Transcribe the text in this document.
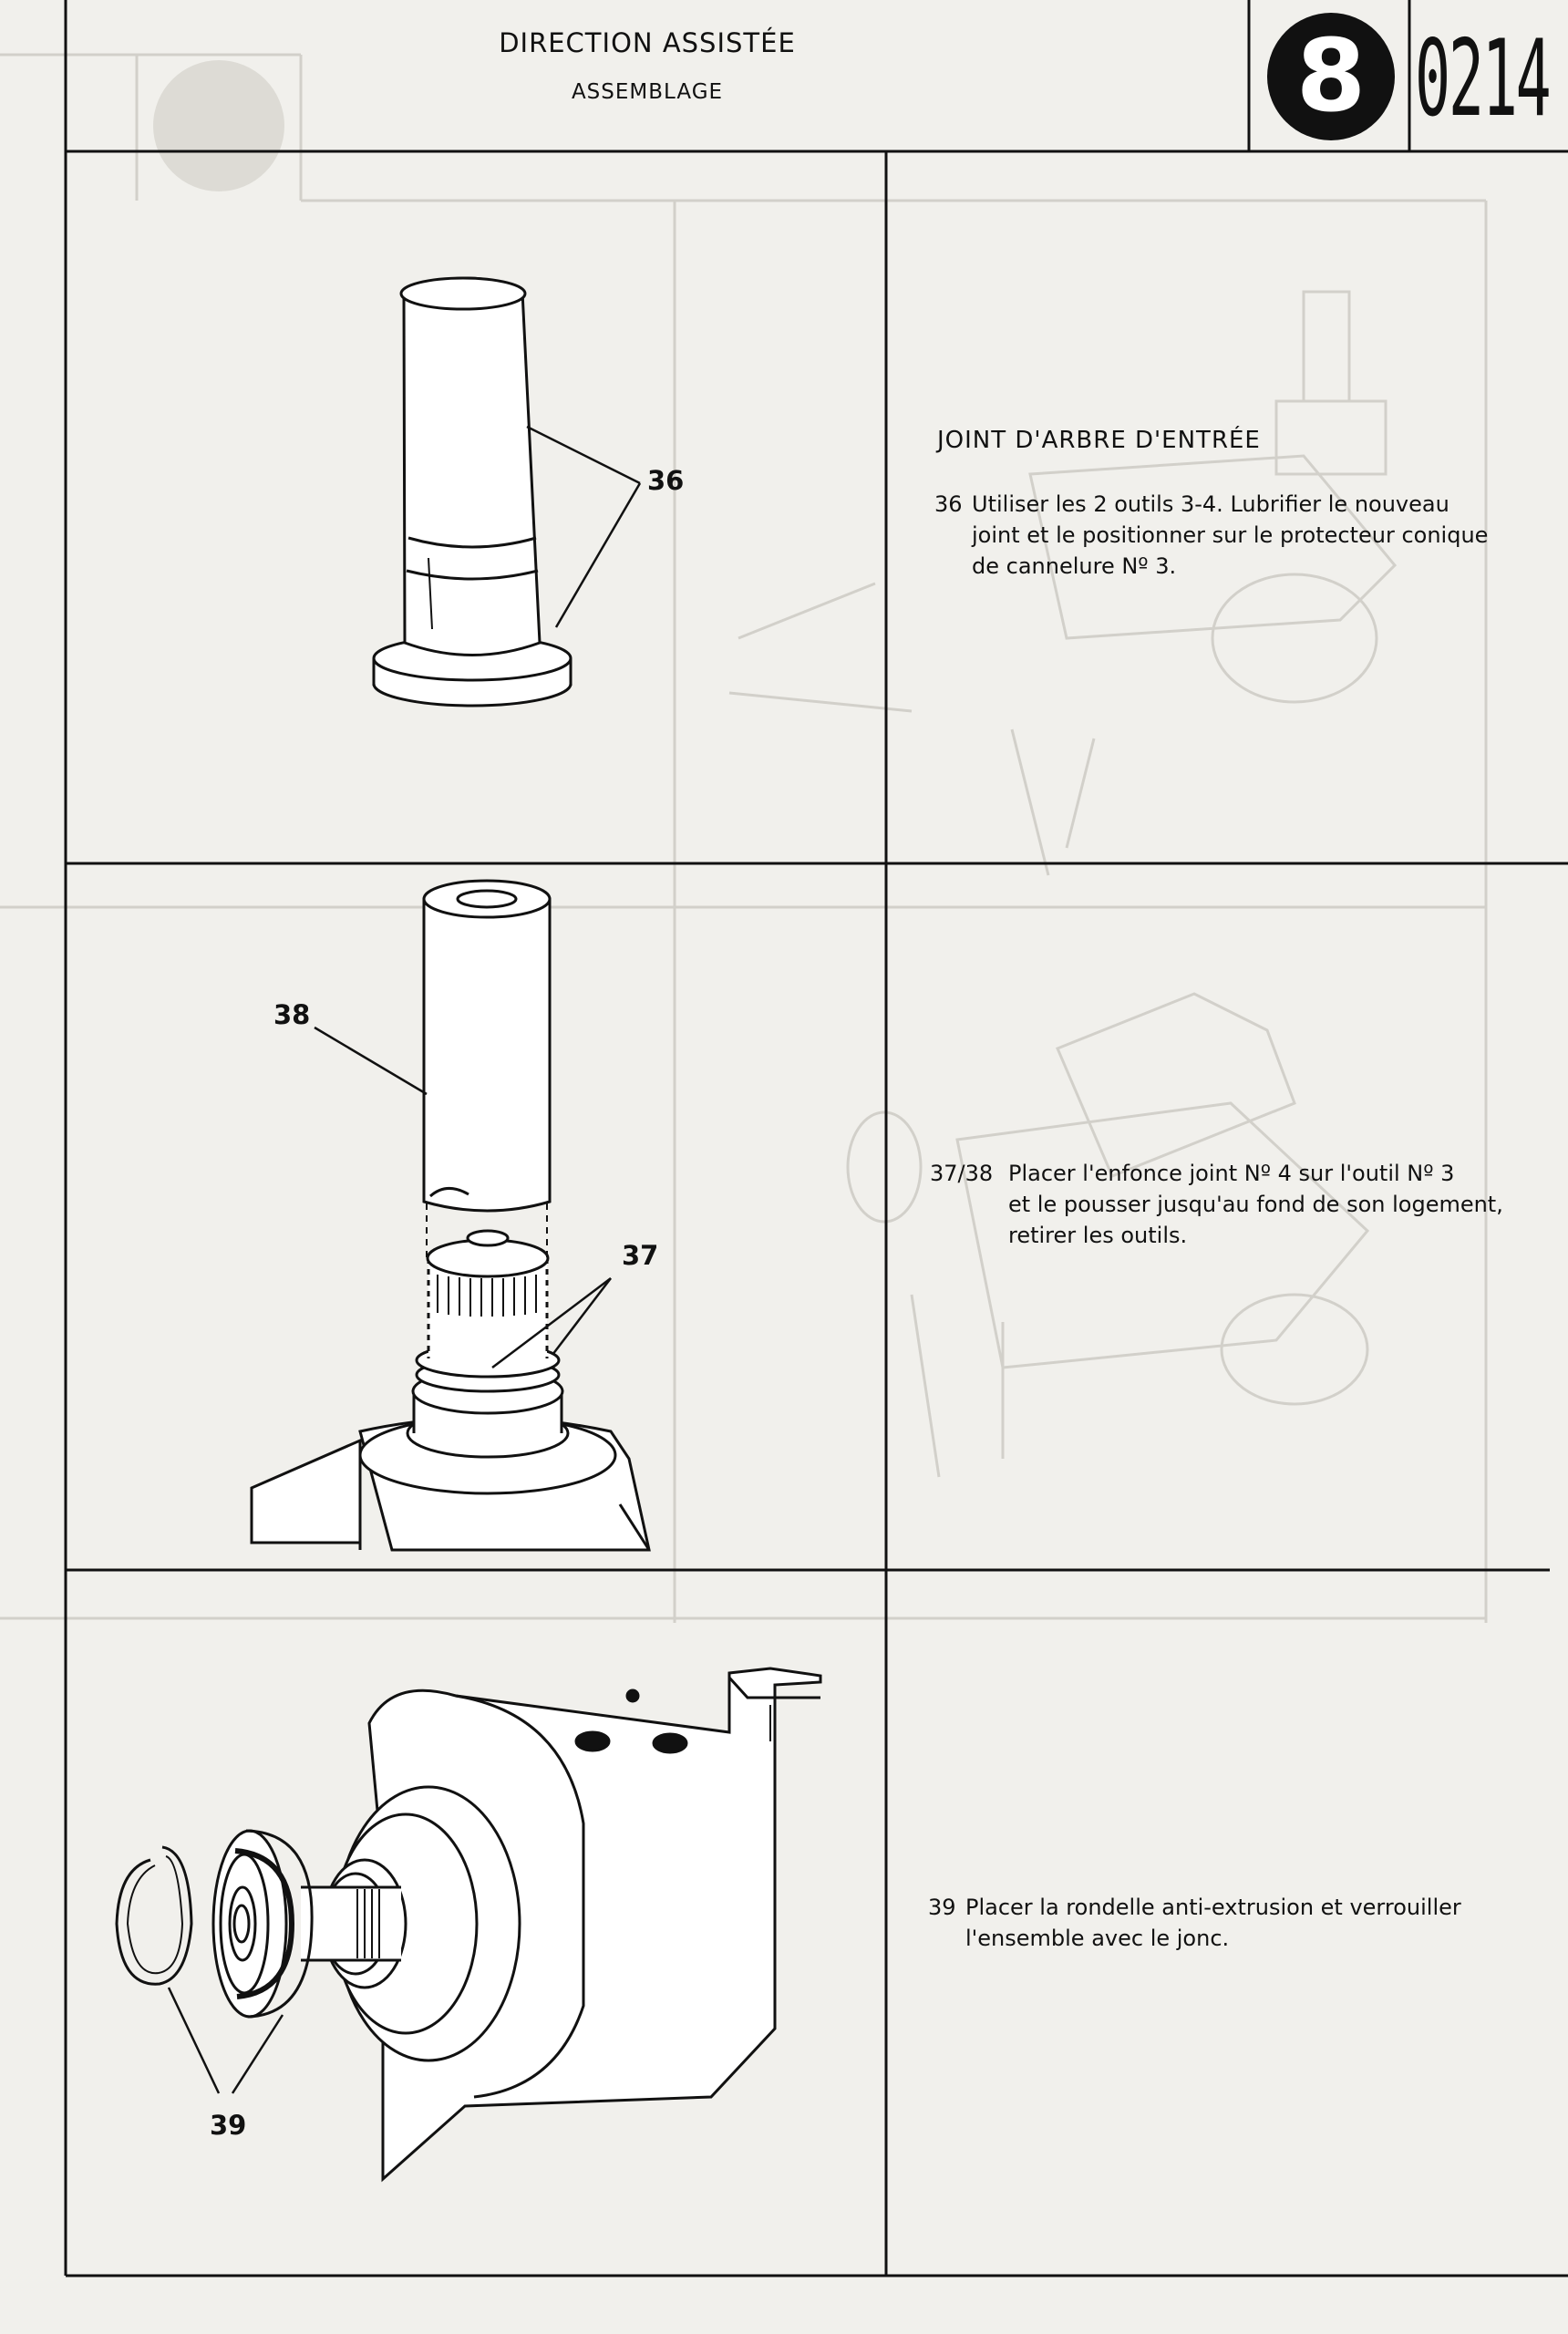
DIRECTION ASSISTÉE
ASSEMBLAGE	8 0214
JOINT D'ARBRE D'ENTRÉE
36 Utiliser les 2 outils 3-4. Lubrifier le nouveau
joint et le positionner sur le protecteur conique
de cannelure Nº 3.
36
37/38 Placer l'enfonce joint Nº 4 sur l'outil Nº 3
et le pousser jusqu'au fond de son logement,
retirer les outils.
38
37
39 Placer la rondelle anti-extrusion et verrouiller
l'ensemble avec le jonc.
39
